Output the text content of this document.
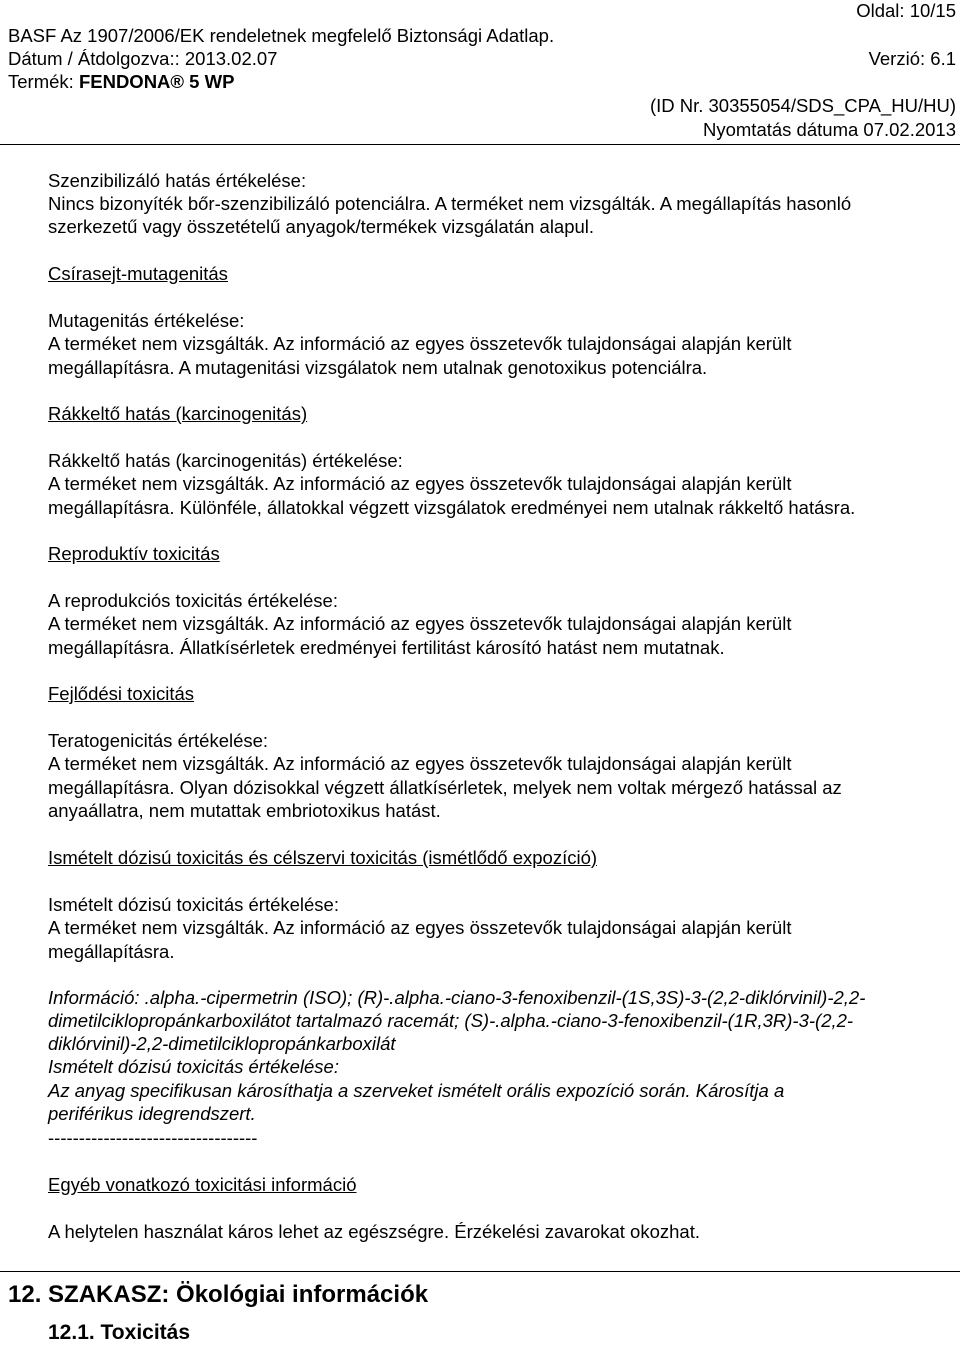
Oldal: 10/15
BASF Az 1907/2006/EK rendeletnek megfelelő Biztonsági Adatlap.
Dátum / Átdolgozva:: 2013.02.07	Verzió: 6.1
Termék: FENDONA® 5 WP
(ID Nr. 30355054/SDS_CPA_HU/HU)
Nyomtatás dátuma 07.02.2013
Szenzibilizáló hatás értékelése:
Nincs bizonyíték bőr-szenzibilizáló potenciálra. A terméket nem vizsgálták. A megállapítás hasonló
szerkezetű vagy összetételű anyagok/termékek vizsgálatán alapul.
Csírasejt-mutagenitás
Mutagenitás értékelése:
A terméket nem vizsgálták. Az információ az egyes összetevők tulajdonságai alapján került
megállapításra. A mutagenitási vizsgálatok nem utalnak genotoxikus potenciálra.
Rákkeltő hatás (karcinogenitás)
Rákkeltő hatás (karcinogenitás) értékelése:
A terméket nem vizsgálták. Az információ az egyes összetevők tulajdonságai alapján került
megállapításra. Különféle, állatokkal végzett vizsgálatok eredményei nem utalnak rákkeltő hatásra.
Reproduktív toxicitás
A reprodukciós toxicitás értékelése:
A terméket nem vizsgálták. Az információ az egyes összetevők tulajdonságai alapján került
megállapításra. Állatkísérletek eredményei fertilitást károsító hatást nem mutatnak.
Fejlődési toxicitás
Teratogenicitás értékelése:
A terméket nem vizsgálták. Az információ az egyes összetevők tulajdonságai alapján került
megállapításra. Olyan dózisokkal végzett állatkísérletek, melyek nem voltak mérgező hatással az
anyaállatra, nem mutattak embriotoxikus hatást.
Ismételt dózisú toxicitás és célszervi toxicitás (ismétlődő expozíció)
Ismételt dózisú toxicitás értékelése:
A terméket nem vizsgálták. Az információ az egyes összetevők tulajdonságai alapján került
megállapításra.
Információ: .alpha.-cipermetrin (ISO); (R)-.alpha.-ciano-3-fenoxibenzil-(1S,3S)-3-(2,2-diklórvinil)-2,2-
dimetilciklopropánkarboxilátot tartalmazó racemát; (S)-.alpha.-ciano-3-fenoxibenzil-(1R,3R)-3-(2,2-
diklórvinil)-2,2-dimetilciklopropánkarboxilát
Ismételt dózisú toxicitás értékelése:
Az anyag specifikusan károsíthatja a szerveket ismételt orális expozíció során. Károsítja a
periférikus idegrendszert.
----------------------------------
Egyéb vonatkozó toxicitási információ
A helytelen használat káros lehet az egészségre. Érzékelési zavarokat okozhat.
12. SZAKASZ: Ökológiai információk
12.1. Toxicitás
